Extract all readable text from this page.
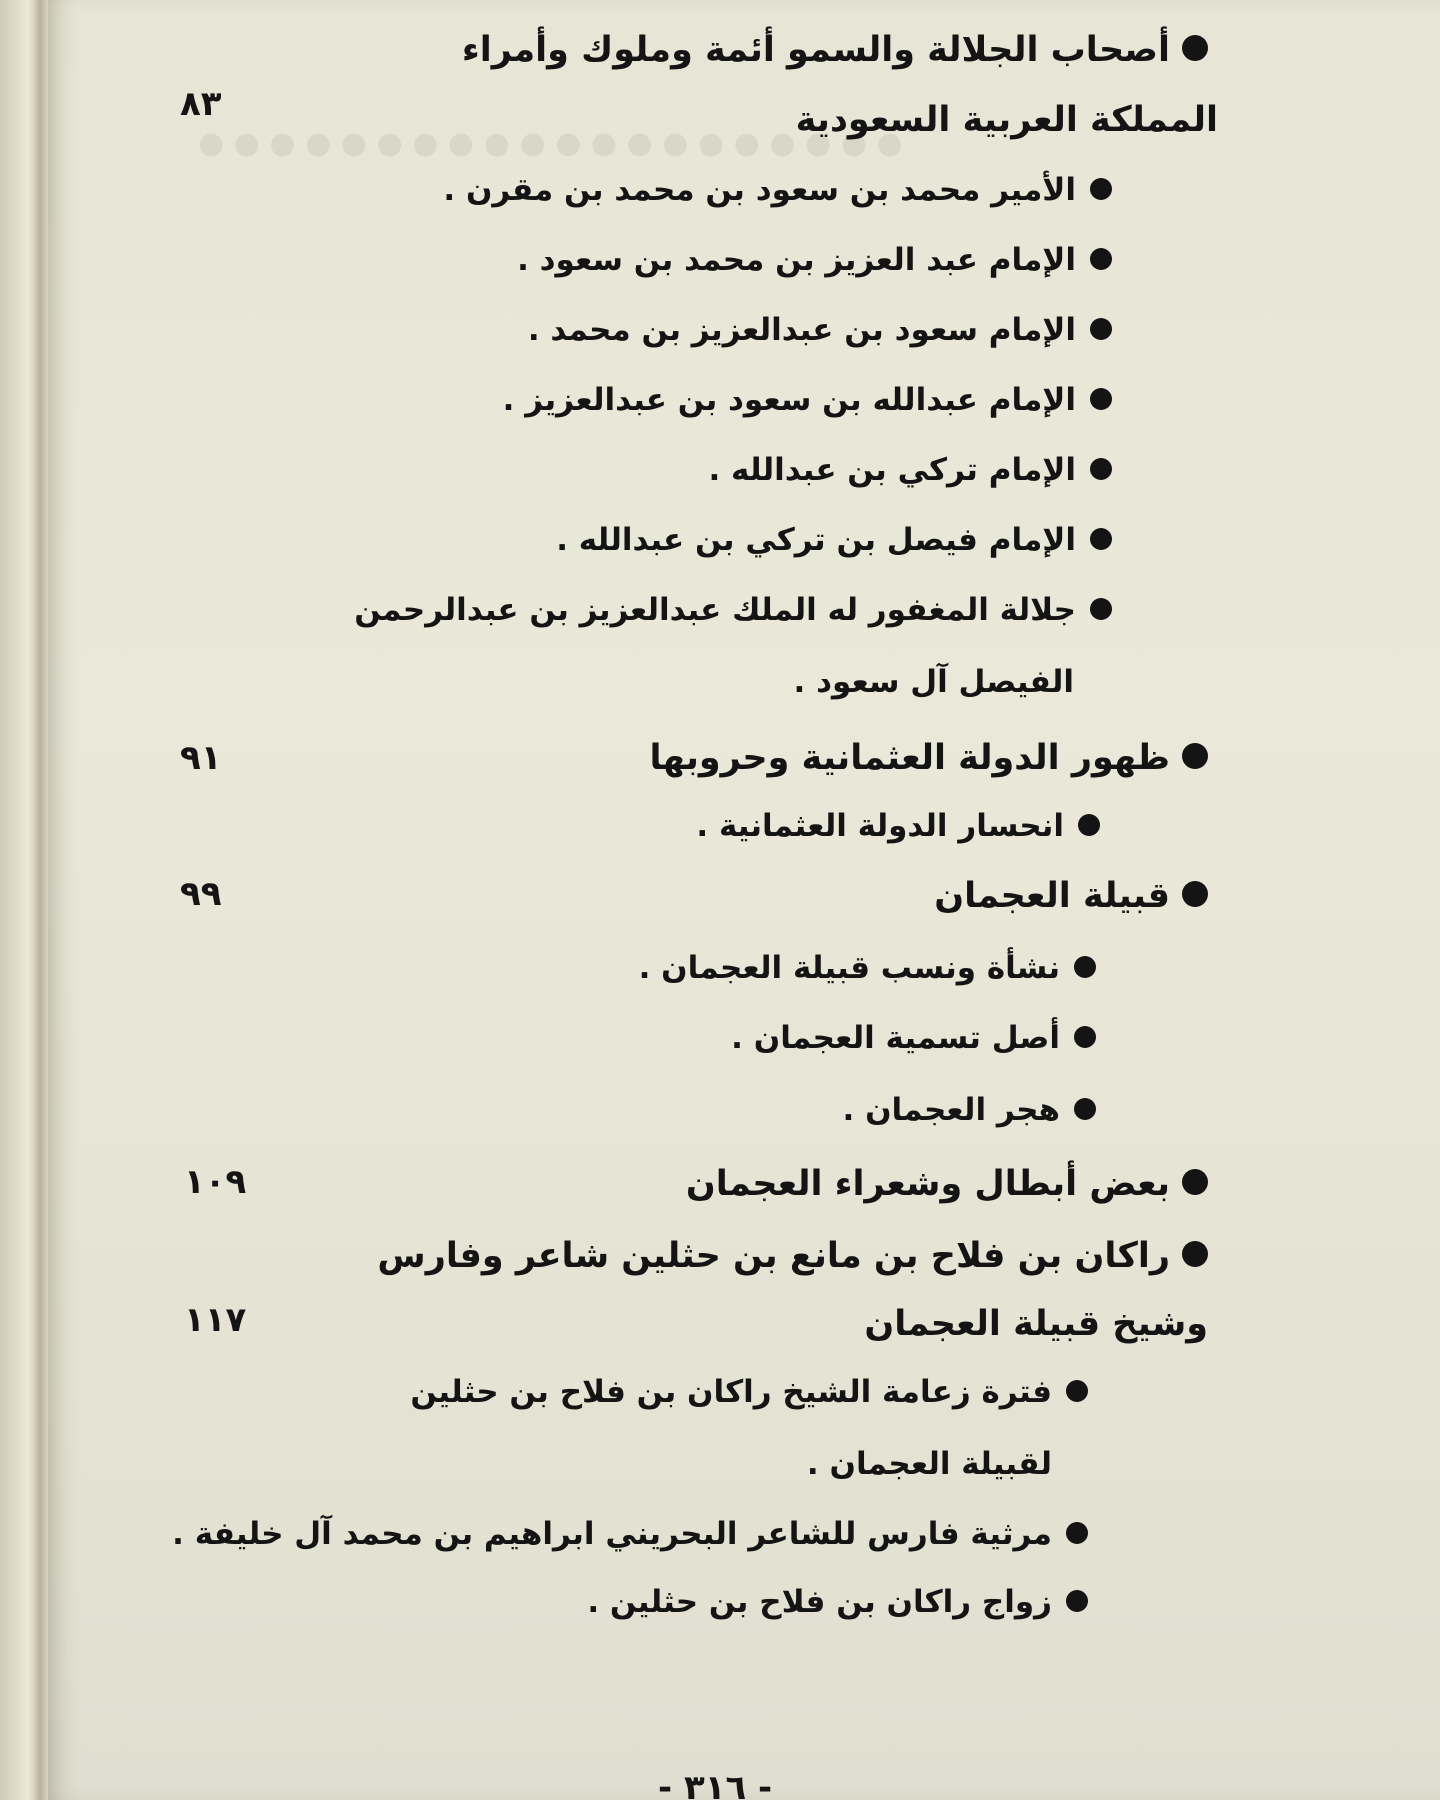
● ● ● ● ● ● ● ● ● ● ● ● ● ● ● ● ● ● ● ●
أصحاب الجلالة والسمو أئمة وملوك وأمراء
المملكة العربية السعودية
٨٣
الأمير محمد بن سعود بن محمد بن مقرن .
الإمام عبد العزيز بن محمد بن سعود .
الإمام سعود بن عبدالعزيز بن محمد .
الإمام عبدالله بن سعود بن عبدالعزيز .
الإمام تركي بن عبدالله .
الإمام فيصل بن تركي بن عبدالله .
جلالة المغفور له الملك عبدالعزيز بن عبدالرحمن
الفيصل آل سعود .
ظهور الدولة العثمانية وحروبها
٩١
انحسار الدولة العثمانية .
قبيلة العجمان
٩٩
نشأة ونسب قبيلة العجمان .
أصل تسمية العجمان .
هجر العجمان .
بعض أبطال وشعراء العجمان
١٠٩
راكان بن فلاح بن مانع بن حثلين شاعر وفارس
وشيخ قبيلة العجمان
١١٧
فترة زعامة الشيخ راكان بن فلاح بن حثلين
لقبيلة العجمان .
مرثية فارس للشاعر البحريني ابراهيم بن محمد آل خليفة .
زواج راكان بن فلاح بن حثلين .
- ٣١٦ -
